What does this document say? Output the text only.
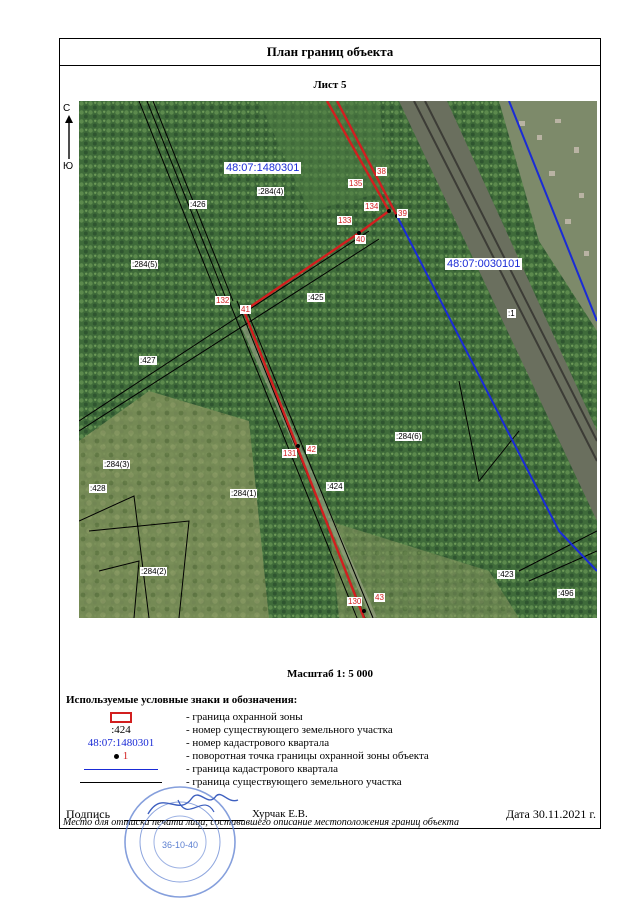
План границ объекта
Лист 5
Масштаб 1: 5 000
Используемые условные знаки и обозначения:
- граница охранной зоны
:424	- номер существующего земельного участка
48:07:1480301	- номер кадастрового квартала
1	- поворотная точка границы охранной зоны объекта
- граница кадастрового квартала
- граница существующего земельного участка
Подпись	Хурчак Е.В.	Дата 30.11.2021 г.
Место для оттиска печати лица, составившего описание местоположения границ объекта
С
Ю	48:07:1480301
48:07:0030101
:284(4)
:426
:284(5)
:425
:427
:284(6)
:284(3)
:428
:284(1)
:424
:284(2)	:423
:496
:1
38
135
134
39
133
40
132
41
131 42
130 43
36-10-40
